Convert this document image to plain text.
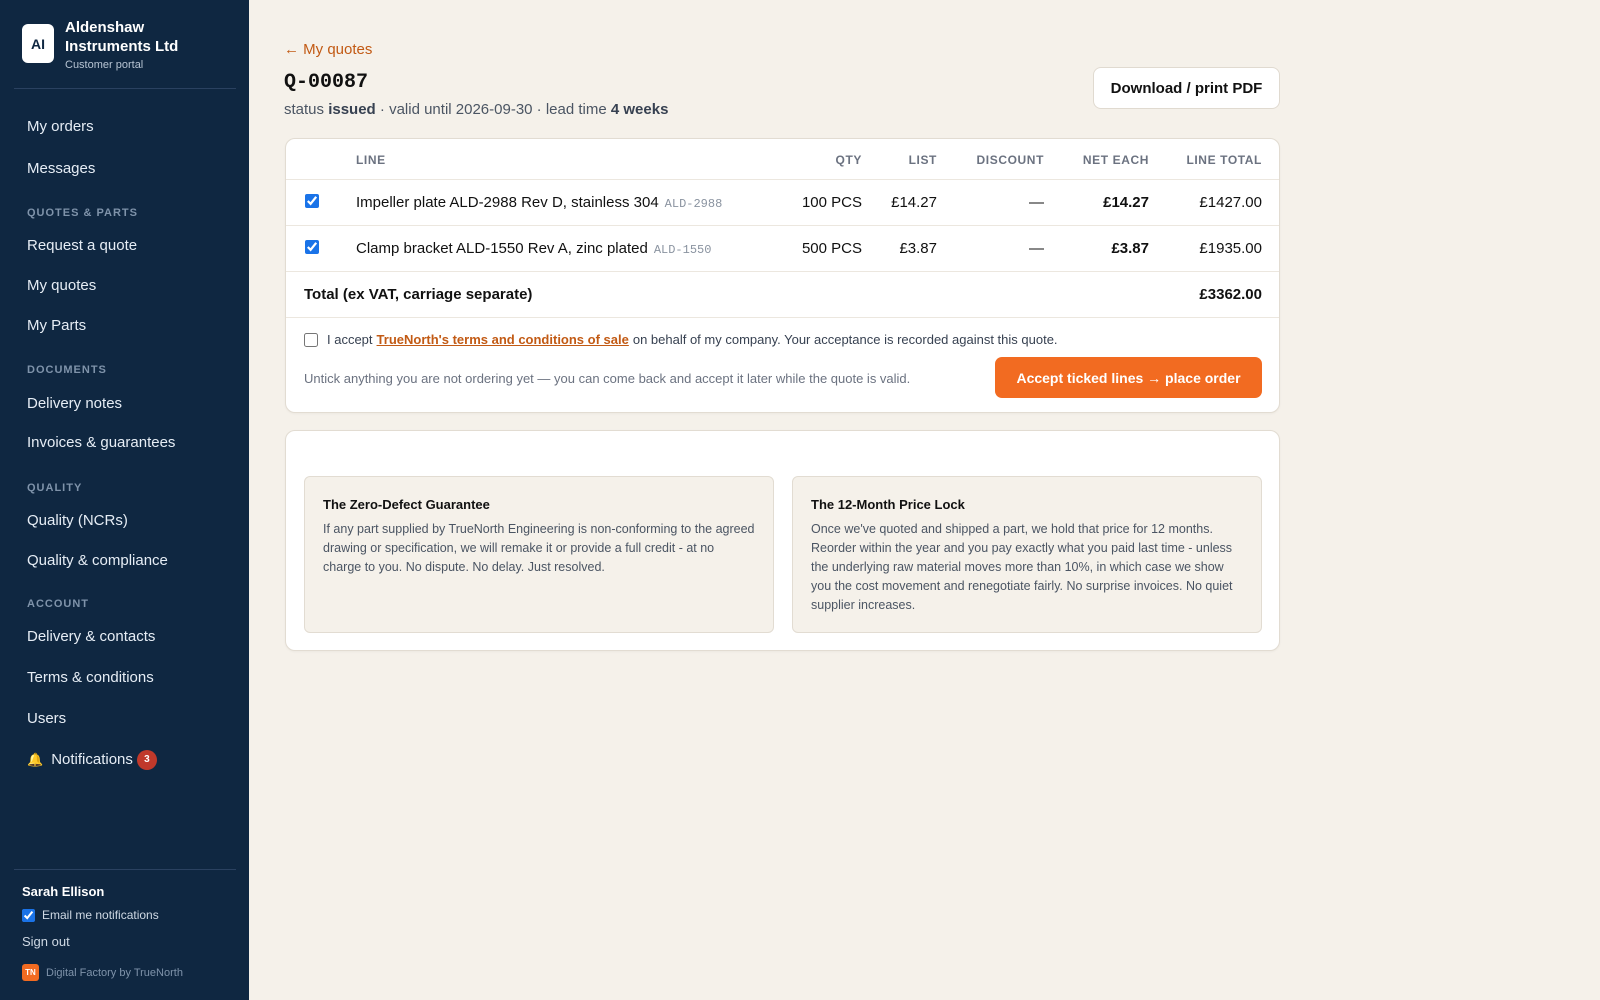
AI
Aldenshaw Instruments Ltd
Customer portal
My orders
Messages
QUOTES & PARTS
Request a quote
My quotes
My Parts
DOCUMENTS
Delivery notes
Invoices & guarantees
QUALITY
Quality (NCRs)
Quality & compliance
ACCOUNT
Delivery & contacts
Terms & conditions
Users
🔔 Notifications 3
Sarah Ellison
Email me notifications
Sign out
TN Digital Factory by TrueNorth
← My quotes
Q-00087
status issued · valid until 2026-09-30 · lead time 4 weeks
Download / print PDF
LINE	QTY	LIST	DISCOUNT	NET EACH	LINE TOTAL
Impeller plate ALD-2988 Rev D, stainless 304 ALD-2988	100 PCS £14.27	—	£14.27	£1427.00
Clamp bracket ALD-1550 Rev A, zinc plated ALD-1550	500 PCS £3.87	—	£3.87	£1935.00
Total (ex VAT, carriage separate)	£3362.00
I accept TrueNorth's terms and conditions of sale on behalf of my company. Your acceptance is recorded against this quote.
Untick anything you are not ordering yet — you can come back and accept it later while the quote is valid.	Accept ticked lines → place order
The Zero-Defect Guarantee
If any part supplied by TrueNorth Engineering is non-conforming to the agreed drawing or specification, we will remake it or provide a full credit - at no charge to you. No dispute. No delay. Just resolved.
The 12-Month Price Lock
Once we've quoted and shipped a part, we hold that price for 12 months. Reorder within the year and you pay exactly what you paid last time - unless the underlying raw material moves more than 10%, in which case we show you the cost movement and renegotiate fairly. No surprise invoices. No quiet supplier increases.
